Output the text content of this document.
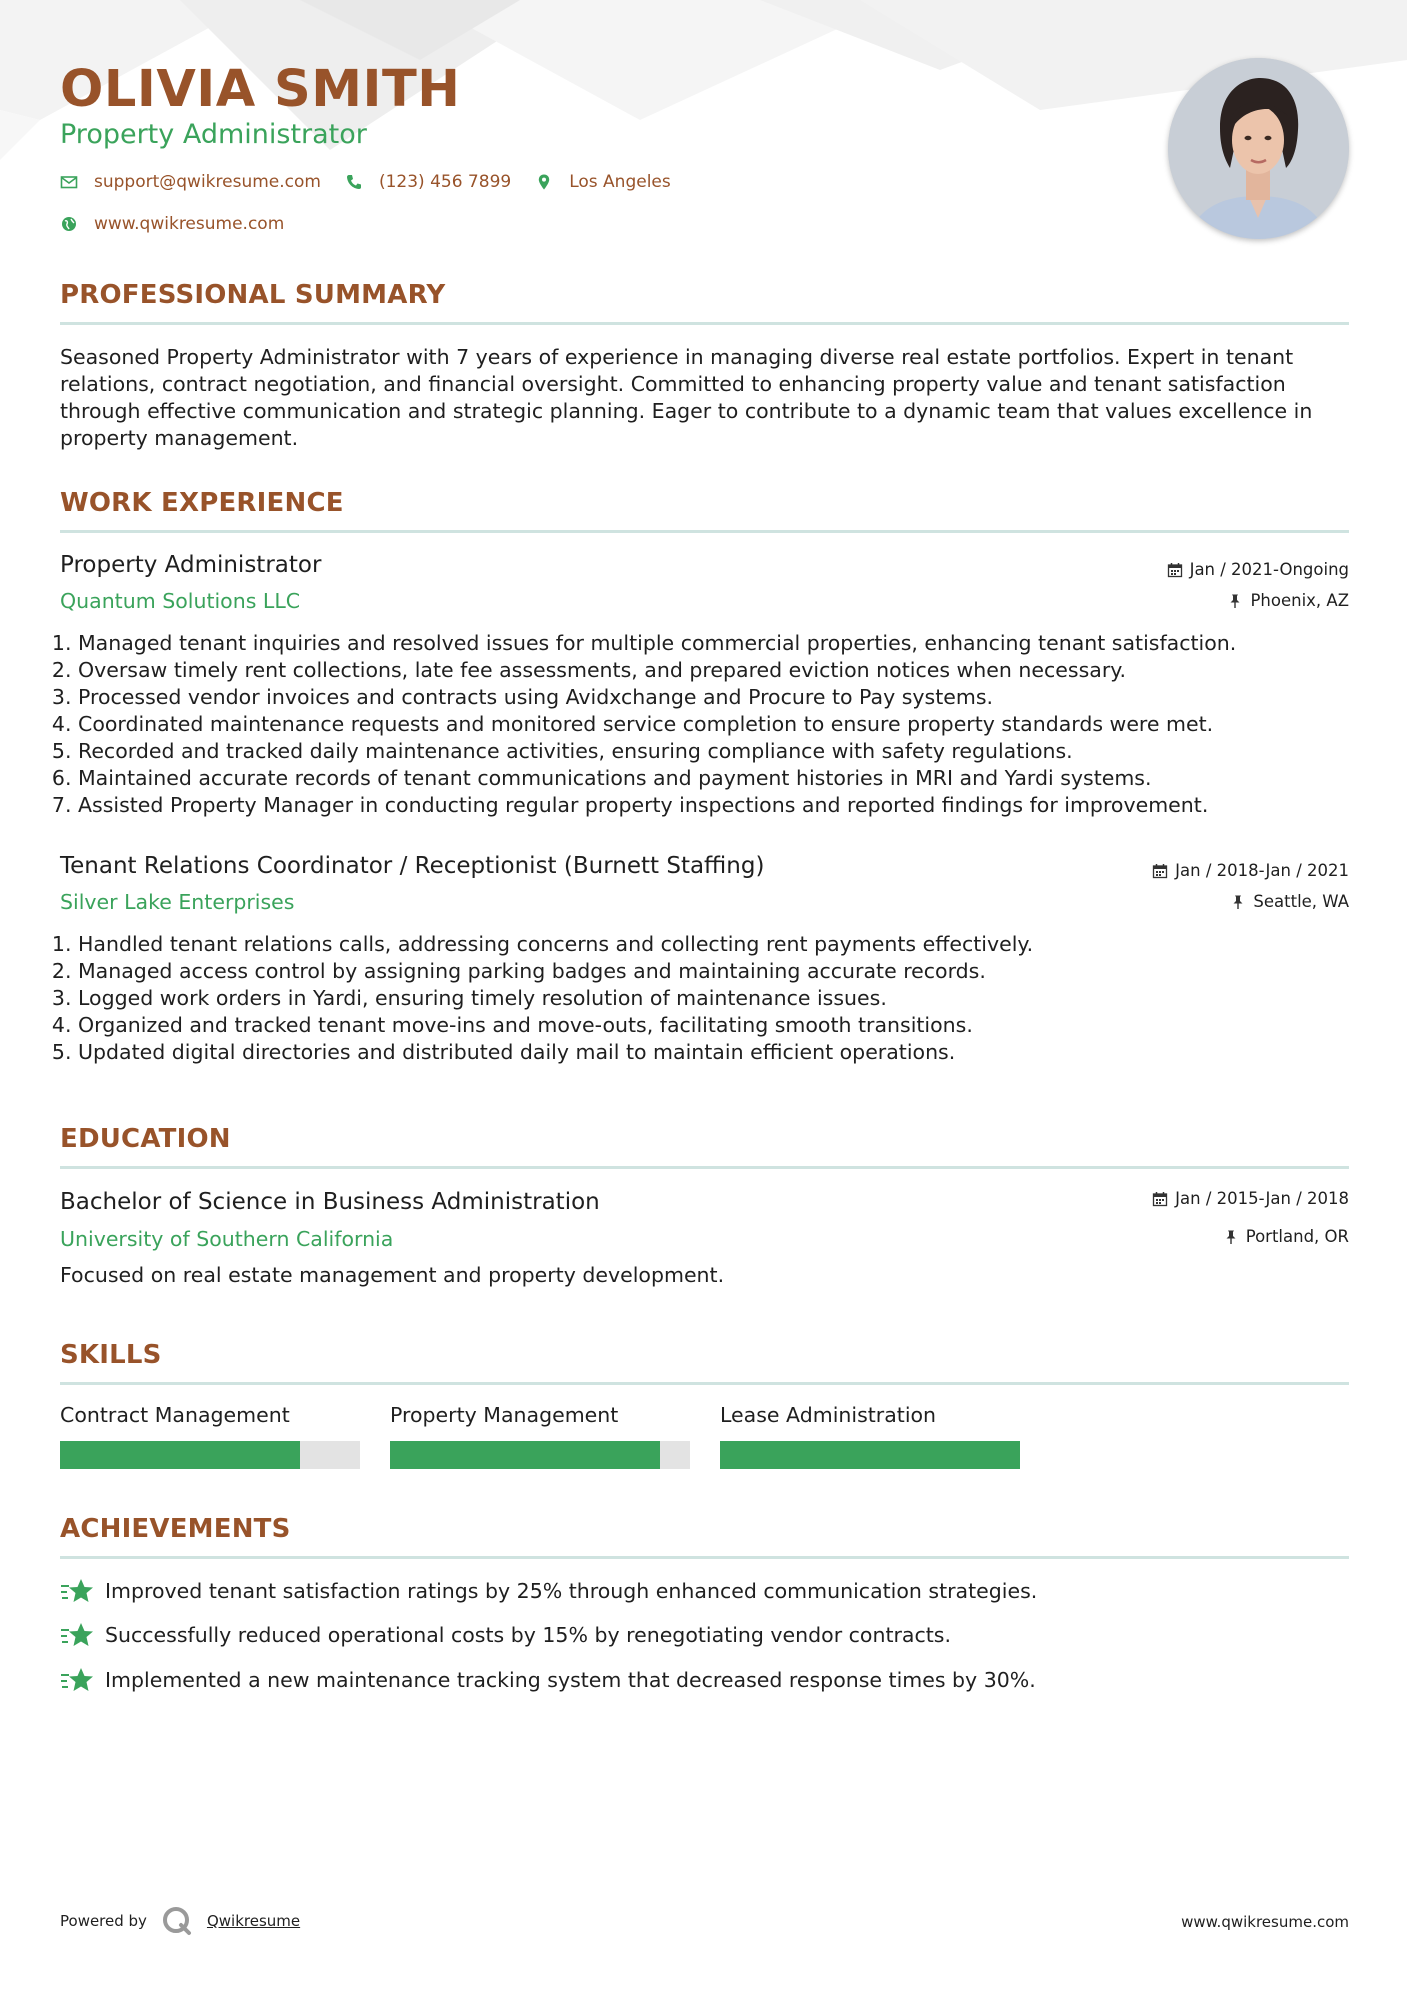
OLIVIA SMITH
Property Administrator
support@qwikresume.com	(123) 456 7899	Los Angeles
www.qwikresume.com
PROFESSIONAL SUMMARY

Seasoned Property Administrator with 7 years of experience in managing diverse real estate portfolios. Expert in tenant relations, contract negotiation, and financial oversight. Committed to enhancing property value and tenant satisfaction through effective communication and strategic planning. Eager to contribute to a dynamic team that values excellence in property management.

WORK EXPERIENCE
Property Administrator
Quantum Solutions LLC
Jan / 2021-Ongoing
Phoenix, AZ
1. Managed tenant inquiries and resolved issues for multiple commercial properties, enhancing tenant satisfaction.
2. Oversaw timely rent collections, late fee assessments, and prepared eviction notices when necessary.
3. Processed vendor invoices and contracts using Avidxchange and Procure to Pay systems.
4. Coordinated maintenance requests and monitored service completion to ensure property standards were met.
5. Recorded and tracked daily maintenance activities, ensuring compliance with safety regulations.
6. Maintained accurate records of tenant communications and payment histories in MRI and Yardi systems.
7. Assisted Property Manager in conducting regular property inspections and reported findings for improvement.
Tenant Relations Coordinator / Receptionist (Burnett Staffing)
Silver Lake Enterprises
Jan / 2018-Jan / 2021
Seattle, WA
1. Handled tenant relations calls, addressing concerns and collecting rent payments effectively.
2. Managed access control by assigning parking badges and maintaining accurate records.
3. Logged work orders in Yardi, ensuring timely resolution of maintenance issues.
4. Organized and tracked tenant move-ins and move-outs, facilitating smooth transitions.
5. Updated digital directories and distributed daily mail to maintain efficient operations.
EDUCATION
Bachelor of Science in Business Administration
University of Southern California
Jan / 2015-Jan / 2018
Portland, OR

Focused on real estate management and property development.

SKILLS
Contract Management	Property Management	Lease Administration
ACHIEVEMENTS
Improved tenant satisfaction ratings by 25% through enhanced communication strategies.
Successfully reduced operational costs by 15% by renegotiating vendor contracts.
Implemented a new maintenance tracking system that decreased response times by 30%.
Powered by	Qwikresume	www.qwikresume.com
